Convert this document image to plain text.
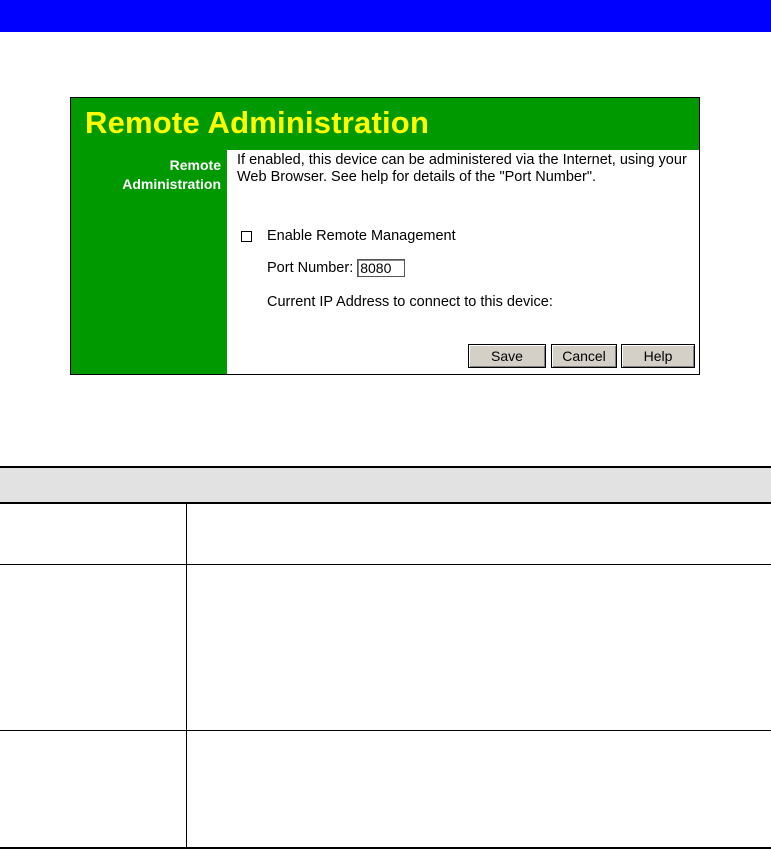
Remote Administration
Remote
Administration

If enabled, this device can be administered via the Internet, using your Web Browser. See help for details of the "Port Number".

Enable Remote Management
Port Number:
8080
Current IP Address to connect to this device:
Save	Cancel	Help
